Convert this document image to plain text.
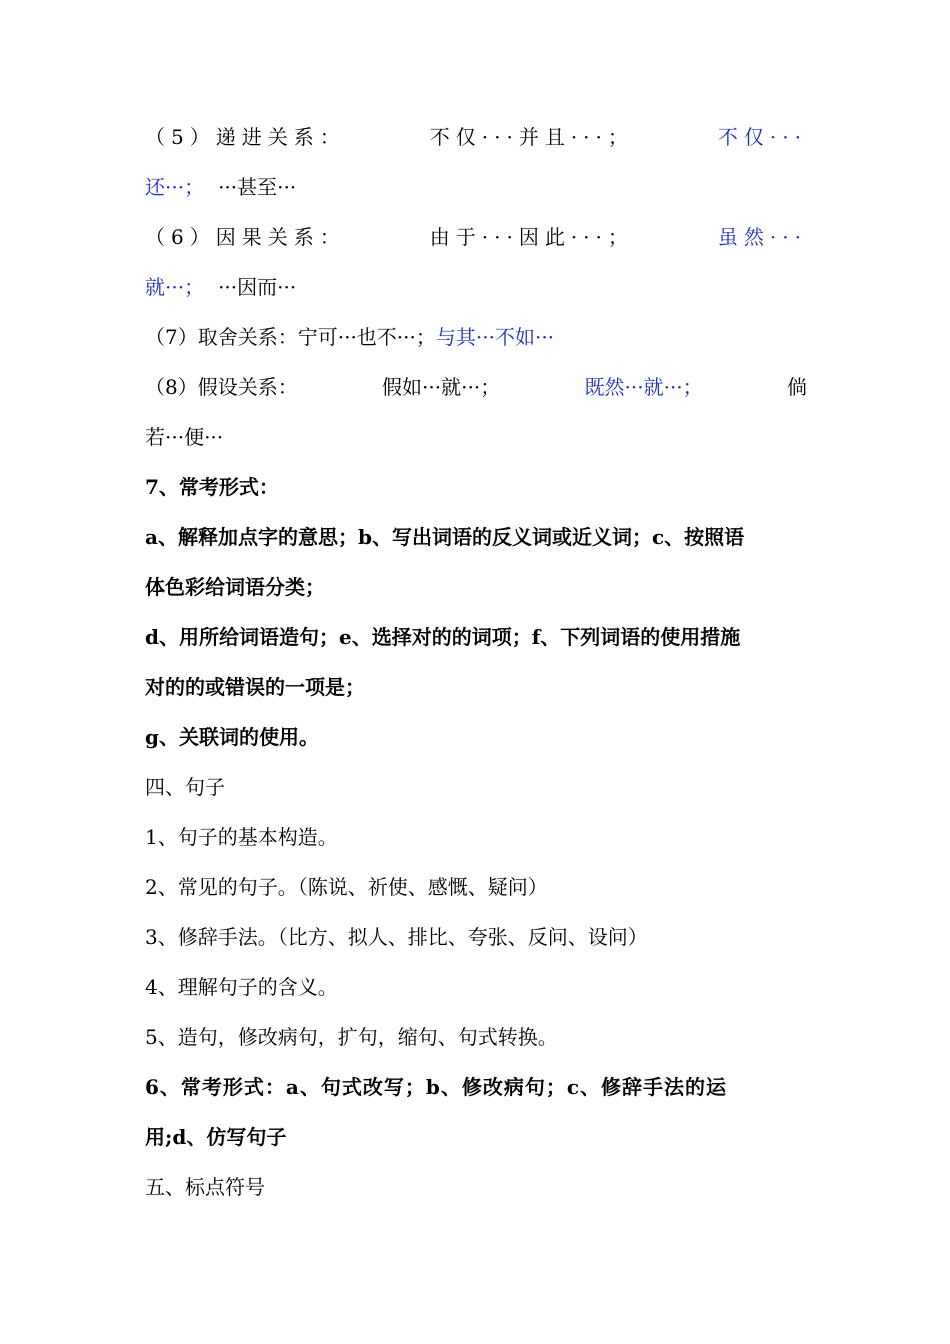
（5）递进关系：	不仅···并且···；	不仅···
还···； ···甚至···
（6）因果关系：	由于···因此···；	虽然···
就···； ···因而···
（7）取舍关系：宁可···也不···；与其···不如···
（8）假设关系：	假如···就···；	既然···就···；	倘
若···便···
7、常考形式：
a、解释加点字的意思；b、写出词语的反义词或近义词；c、按照语
体色彩给词语分类；
d、用所给词语造句；e、选择对的的词项；f、下列词语的使用措施
对的的或错误的一项是；
g、关联词的使用。
四、句子
1、句子的基本构造。
2、常见的句子。（陈说、祈使、感慨、疑问）
3、修辞手法。（比方、拟人、排比、夸张、反问、设问）
4、理解句子的含义。
5、造句，修改病句，扩句，缩句、句式转换。
6、常考形式：a、句式改写；b、修改病句；c、修辞手法的运
用;d、仿写句子
五、标点符号
